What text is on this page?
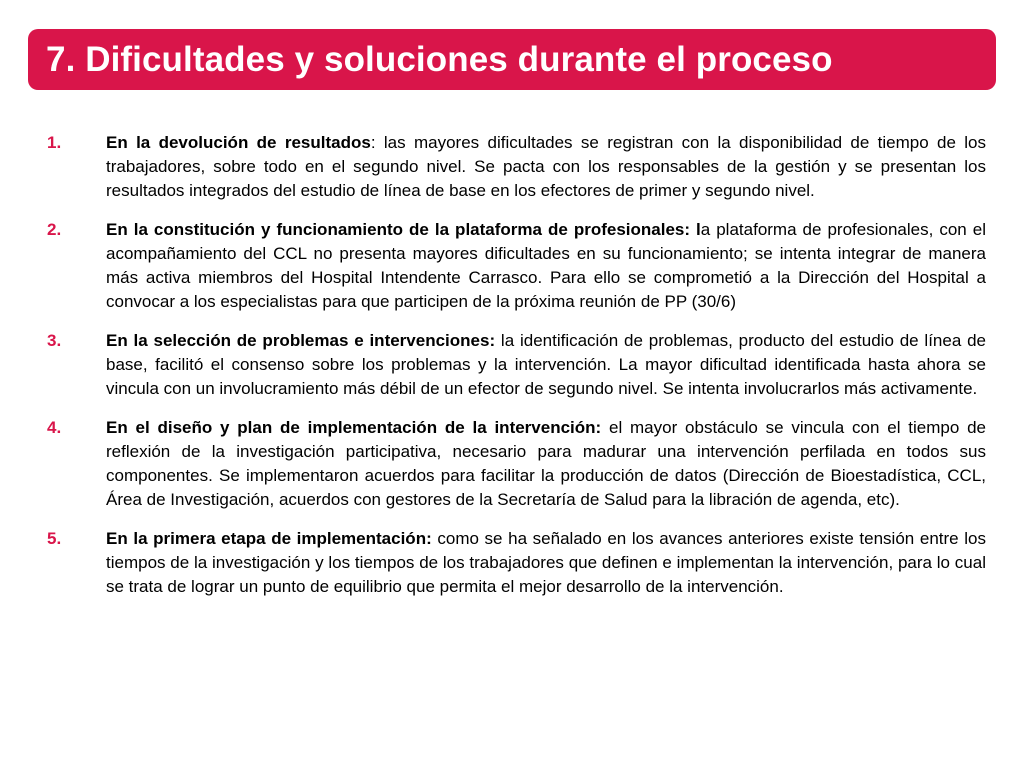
7. Dificultades y soluciones durante el proceso
1.	En la devolución de resultados: las mayores dificultades se registran con la disponibilidad de tiempo de los trabajadores, sobre todo en el segundo nivel. Se pacta con los responsables de la gestión y se presentan los resultados integrados del estudio de línea de base en los efectores de primer y segundo nivel.
2.	En la constitución y funcionamiento de la plataforma de profesionales: la plataforma de profesionales, con el acompañamiento del CCL no presenta mayores dificultades en su funcionamiento; se intenta integrar de manera más activa miembros del Hospital Intendente Carrasco. Para ello se comprometió a la Dirección del Hospital a convocar a los especialistas para que participen de la próxima reunión de PP (30/6)
3.	En la selección de problemas e intervenciones: la identificación de problemas, producto del estudio de línea de base, facilitó el consenso sobre los problemas y la intervención. La mayor dificultad identificada hasta ahora se vincula con un involucramiento más débil de un efector de segundo nivel. Se intenta involucrarlos más activamente.
4.	En el diseño y plan de implementación de la intervención: el mayor obstáculo se vincula con el tiempo de reflexión de la investigación participativa, necesario para madurar una intervención perfilada en todos sus componentes. Se implementaron acuerdos para facilitar la producción de datos (Dirección de Bioestadística, CCL, Área de Investigación, acuerdos con gestores de la Secretaría de Salud para la libración de agenda, etc).
5.	En la primera etapa de implementación: como se ha señalado en los avances anteriores existe tensión entre los tiempos de la investigación y los tiempos de los trabajadores que definen e implementan la intervención, para lo cual se trata de lograr un punto de equilibrio que permita el mejor desarrollo de la intervención.
